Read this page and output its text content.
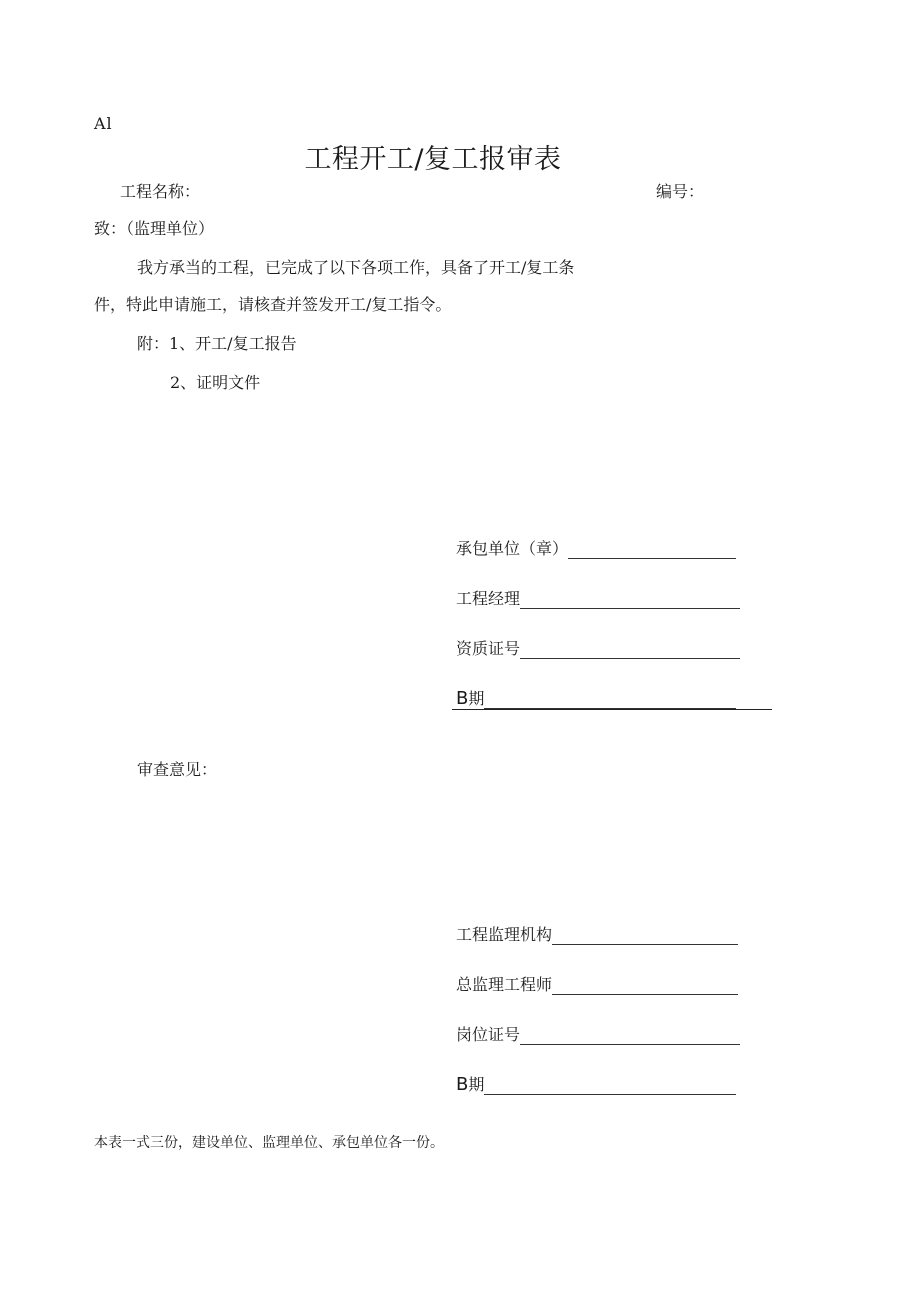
Al
工程开工/复工报审表
工程名称：	编号：
致：（监理单位）
我方承当的工程，已完成了以下各项工作，具备了开工/复工条
件，特此申请施工，请核查并签发开工/复工指令。
附：1、开工/复工报告
2、证明文件
承包单位（章）
工程经理
资质证号
B 期
审查意见：
工程监理机构
总监理工程师
岗位证号
B 期
本表一式三份，建设单位、监理单位、承包单位各一份。
